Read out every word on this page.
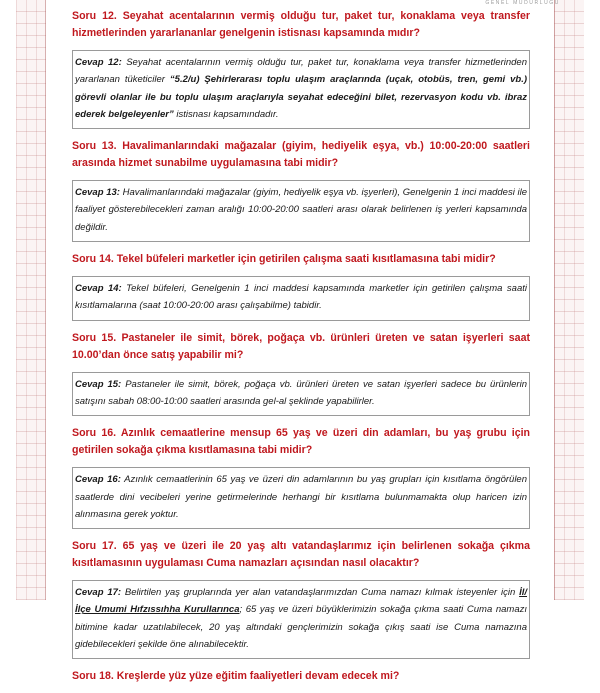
GENEL MÜDÜRLÜĞÜ

Soru 12. Seyahat acentalarının vermiş olduğu tur, paket tur, konaklama veya transfer hizmetlerinden yararlananlar genelgenin istisnası kapsamında mıdır?

Cevap 12: Seyahat acentalarının vermiş olduğu tur, paket tur, konaklama veya transfer hizmetlerinden yararlanan tüketiciler “5.2/u) Şehirlerarası toplu ulaşım araçlarında (uçak, otobüs, tren, gemi vb.) görevli olanlar ile bu toplu ulaşım araçlarıyla seyahat edeceğini bilet, rezervasyon kodu vb. ibraz ederek belgeleyenler” istisnası kapsamındadır.

Soru 13. Havalimanlarındaki mağazalar (giyim, hediyelik eşya, vb.) 10:00-20:00 saatleri arasında hizmet sunabilme uygulamasına tabi midir?

Cevap 13: Havalimanlarındaki mağazalar (giyim, hediyelik eşya vb. işyerleri), Genelgenin 1 inci maddesi ile faaliyet gösterebilecekleri zaman aralığı 10:00-20:00 saatleri arası olarak belirlenen iş yerleri kapsamında değildir.

Soru 14. Tekel büfeleri marketler için getirilen çalışma saati kısıtlamasına tabi midir?

Cevap 14: Tekel büfeleri, Genelgenin 1 inci maddesi kapsamında marketler için getirilen çalışma saati kısıtlamalarına (saat 10:00-20:00 arası çalışabilme) tabidir.

Soru 15. Pastaneler ile simit, börek, poğaça vb. ürünleri üreten ve satan işyerleri saat 10.00’dan önce satış yapabilir mi?

Cevap 15: Pastaneler ile simit, börek, poğaça vb. ürünleri üreten ve satan işyerleri sadece bu ürünlerin satışını sabah 08:00-10:00 saatleri arasında gel-al şeklinde yapabilirler.

Soru 16. Azınlık cemaatlerine mensup 65 yaş ve üzeri din adamları, bu yaş grubu için getirilen sokağa çıkma kısıtlamasına tabi midir?

Cevap 16: Azınlık cemaatlerinin 65 yaş ve üzeri din adamlarının bu yaş grupları için kısıtlama öngörülen saatlerde dini vecibeleri yerine getirmelerinde herhangi bir kısıtlama bulunmamakta olup haricen izin alınmasına gerek yoktur.

Soru 17. 65 yaş ve üzeri ile 20 yaş altı vatandaşlarımız için belirlenen sokağa çıkma kısıtlamasının uygulaması Cuma namazları açısından nasıl olacaktır?

Cevap 17: Belirtilen yaş gruplarında yer alan vatandaşlarımızdan Cuma namazı kılmak isteyenler için İl/İlçe Umumi Hıfzıssıhha Kurullarınca; 65 yaş ve üzeri büyüklerimizin sokağa çıkma saati Cuma namazı bitimine kadar uzatılabilecek, 20 yaş altındaki gençlerimizin sokağa çıkış saati ise Cuma namazına gidebilecekleri şekilde öne alınabilecektir.

Soru 18. Kreşlerde yüz yüze eğitim faaliyetleri devam edecek mi?
